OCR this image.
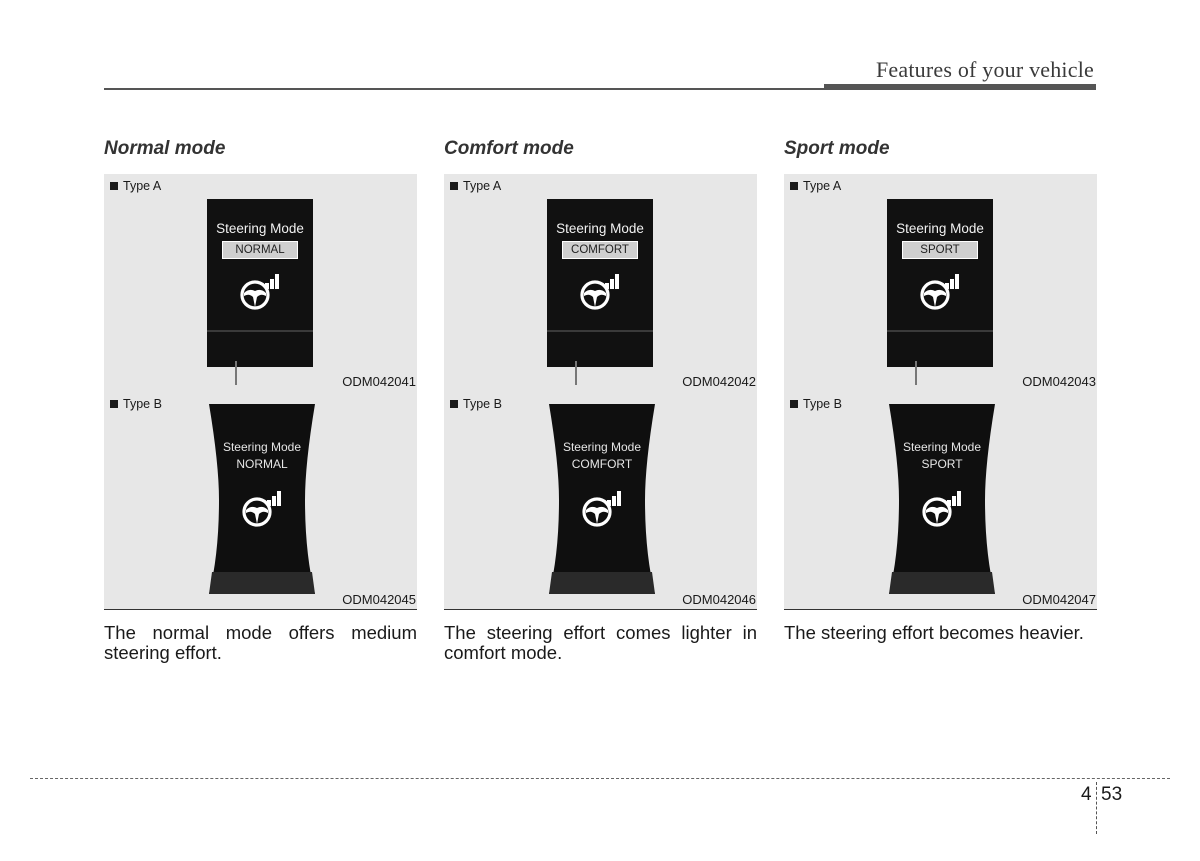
Features of your vehicle
Normal mode
Type A
Steering Mode
NORMAL
ODM042041
Type B
Steering Mode
NORMAL
ODM042045
The normal mode offers medium steering effort.
Comfort mode
Type A
Steering Mode
COMFORT
ODM042042
Type B
Steering Mode
COMFORT
ODM042046
The steering effort comes lighter in comfort mode.
Sport mode
Type A
Steering Mode
SPORT
ODM042043
Type B
Steering Mode
SPORT
ODM042047
The steering effort becomes heavier.
4 53
